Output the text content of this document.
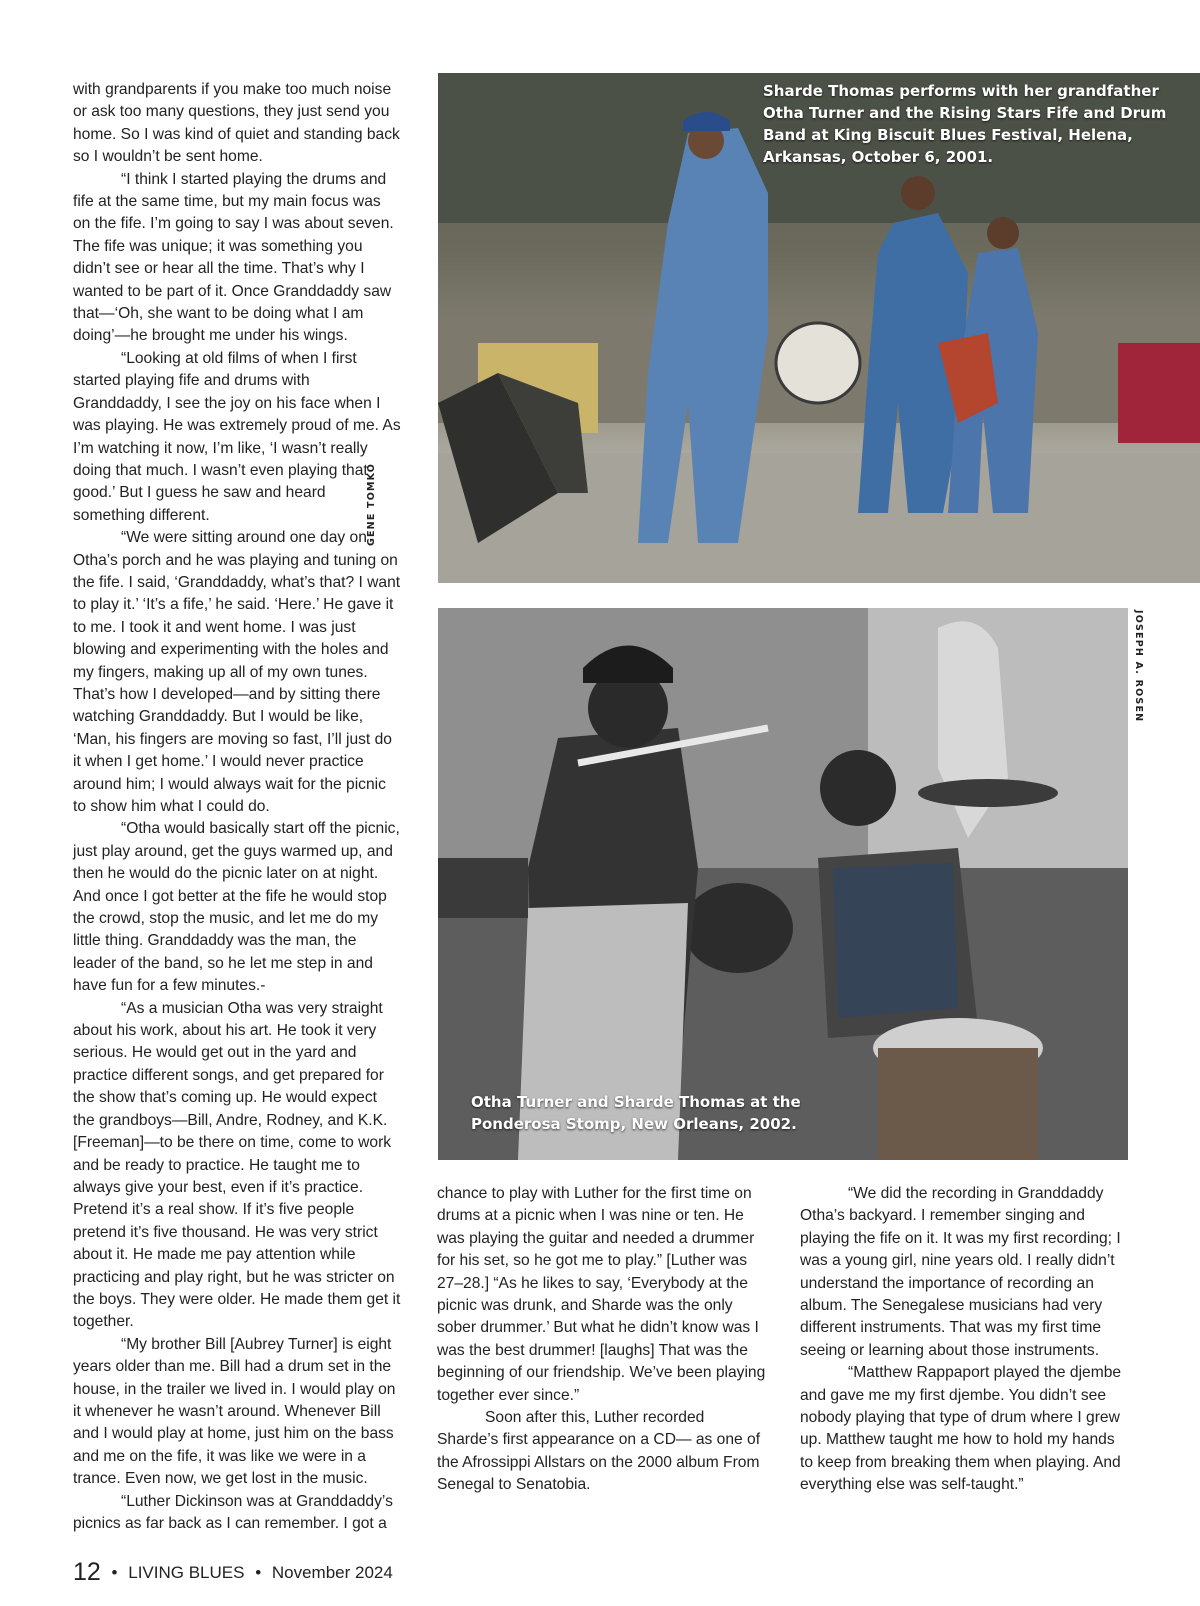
with grandparents if you make too much noise or ask too many questions, they just send you home. So I was kind of quiet and standing back so I wouldn’t be sent home.

“I think I started playing the drums and fife at the same time, but my main focus was on the fife. I’m going to say I was about seven. The fife was unique; it was something you didn’t see or hear all the time. That’s why I wanted to be part of it. Once Granddaddy saw that—‘Oh, she want to be doing what I am doing’—he brought me under his wings.

“Looking at old films of when I first started playing fife and drums with Granddaddy, I see the joy on his face when I was playing. He was extremely proud of me. As I’m watching it now, I’m like, ‘I wasn’t really doing that much. I wasn’t even playing that good.’ But I guess he saw and heard something different.

“We were sitting around one day on Otha’s porch and he was playing and tuning on the fife. I said, ‘Granddaddy, what’s that? I want to play it.’ ‘It’s a fife,’ he said. ‘Here.’ He gave it to me. I took it and went home. I was just blowing and experimenting with the holes and my fingers, making up all of my own tunes. That’s how I developed—and by sitting there watching Granddaddy. But I would be like, ‘Man, his fingers are moving so fast, I’ll just do it when I get home.’ I would never practice around him; I would always wait for the picnic to show him what I could do.

“Otha would basically start off the picnic, just play around, get the guys warmed up, and then he would do the picnic later on at night. And once I got better at the fife he would stop the crowd, stop the music, and let me do my little thing. Granddaddy was the man, the leader of the band, so he let me step in and have fun for a few minutes.-

“As a musician Otha was very straight about his work, about his art. He took it very serious. He would get out in the yard and practice different songs, and get prepared for the show that’s coming up. He would expect the grandboys—Bill, Andre, Rodney, and K.K. [Freeman]—to be there on time, come to work and be ready to practice. He taught me to always give your best, even if it’s practice. Pretend it’s a real show. If it’s five people pretend it’s five thousand. He was very strict about it. He made me pay attention while practicing and play right, but he was stricter on the boys. They were older. He made them get it together.

“My brother Bill [Aubrey Turner] is eight years older than me. Bill had a drum set in the house, in the trailer we lived in. I would play on it whenever he wasn’t around. Whenever Bill and I would play at home, just him on the bass and me on the fife, it was like we were in a trance. Even now, we get lost in the music.

“Luther Dickinson was at Granddaddy’s picnics as far back as I can remember. I got a

Sharde Thomas performs with her grandfather Otha Turner and the Rising Stars Fife and Drum Band at King Biscuit Blues Festival, Helena, Arkansas, October 6, 2001.
GENE TOMKO
Otha Turner and Sharde Thomas at the Ponderosa Stomp, New Orleans, 2002.
JOSEPH A. ROSEN

chance to play with Luther for the first time on drums at a picnic when I was nine or ten. He was playing the guitar and needed a drummer for his set, so he got me to play.” [Luther was 27–28.] “As he likes to say, ‘Everybody at the picnic was drunk, and Sharde was the only sober drummer.’ But what he didn’t know was I was the best drummer! [laughs] That was the beginning of our friendship. We’ve been playing together ever since.”

Soon after this, Luther recorded Sharde’s first appearance on a CD— as one of the Afrossippi Allstars on the 2000 album From Senegal to Senatobia.

“We did the recording in Granddaddy Otha’s backyard. I remember singing and playing the fife on it. It was my first recording; I was a young girl, nine years old. I really didn’t understand the importance of recording an album. The Senegalese musicians had very different instruments. That was my first time seeing or learning about those instruments.

“Matthew Rappaport played the djembe and gave me my first djembe. You didn’t see nobody playing that type of drum where I grew up. Matthew taught me how to hold my hands to keep from breaking them when playing. And everything else was self-taught.”

12 • LIVING BLUES • November 2024
